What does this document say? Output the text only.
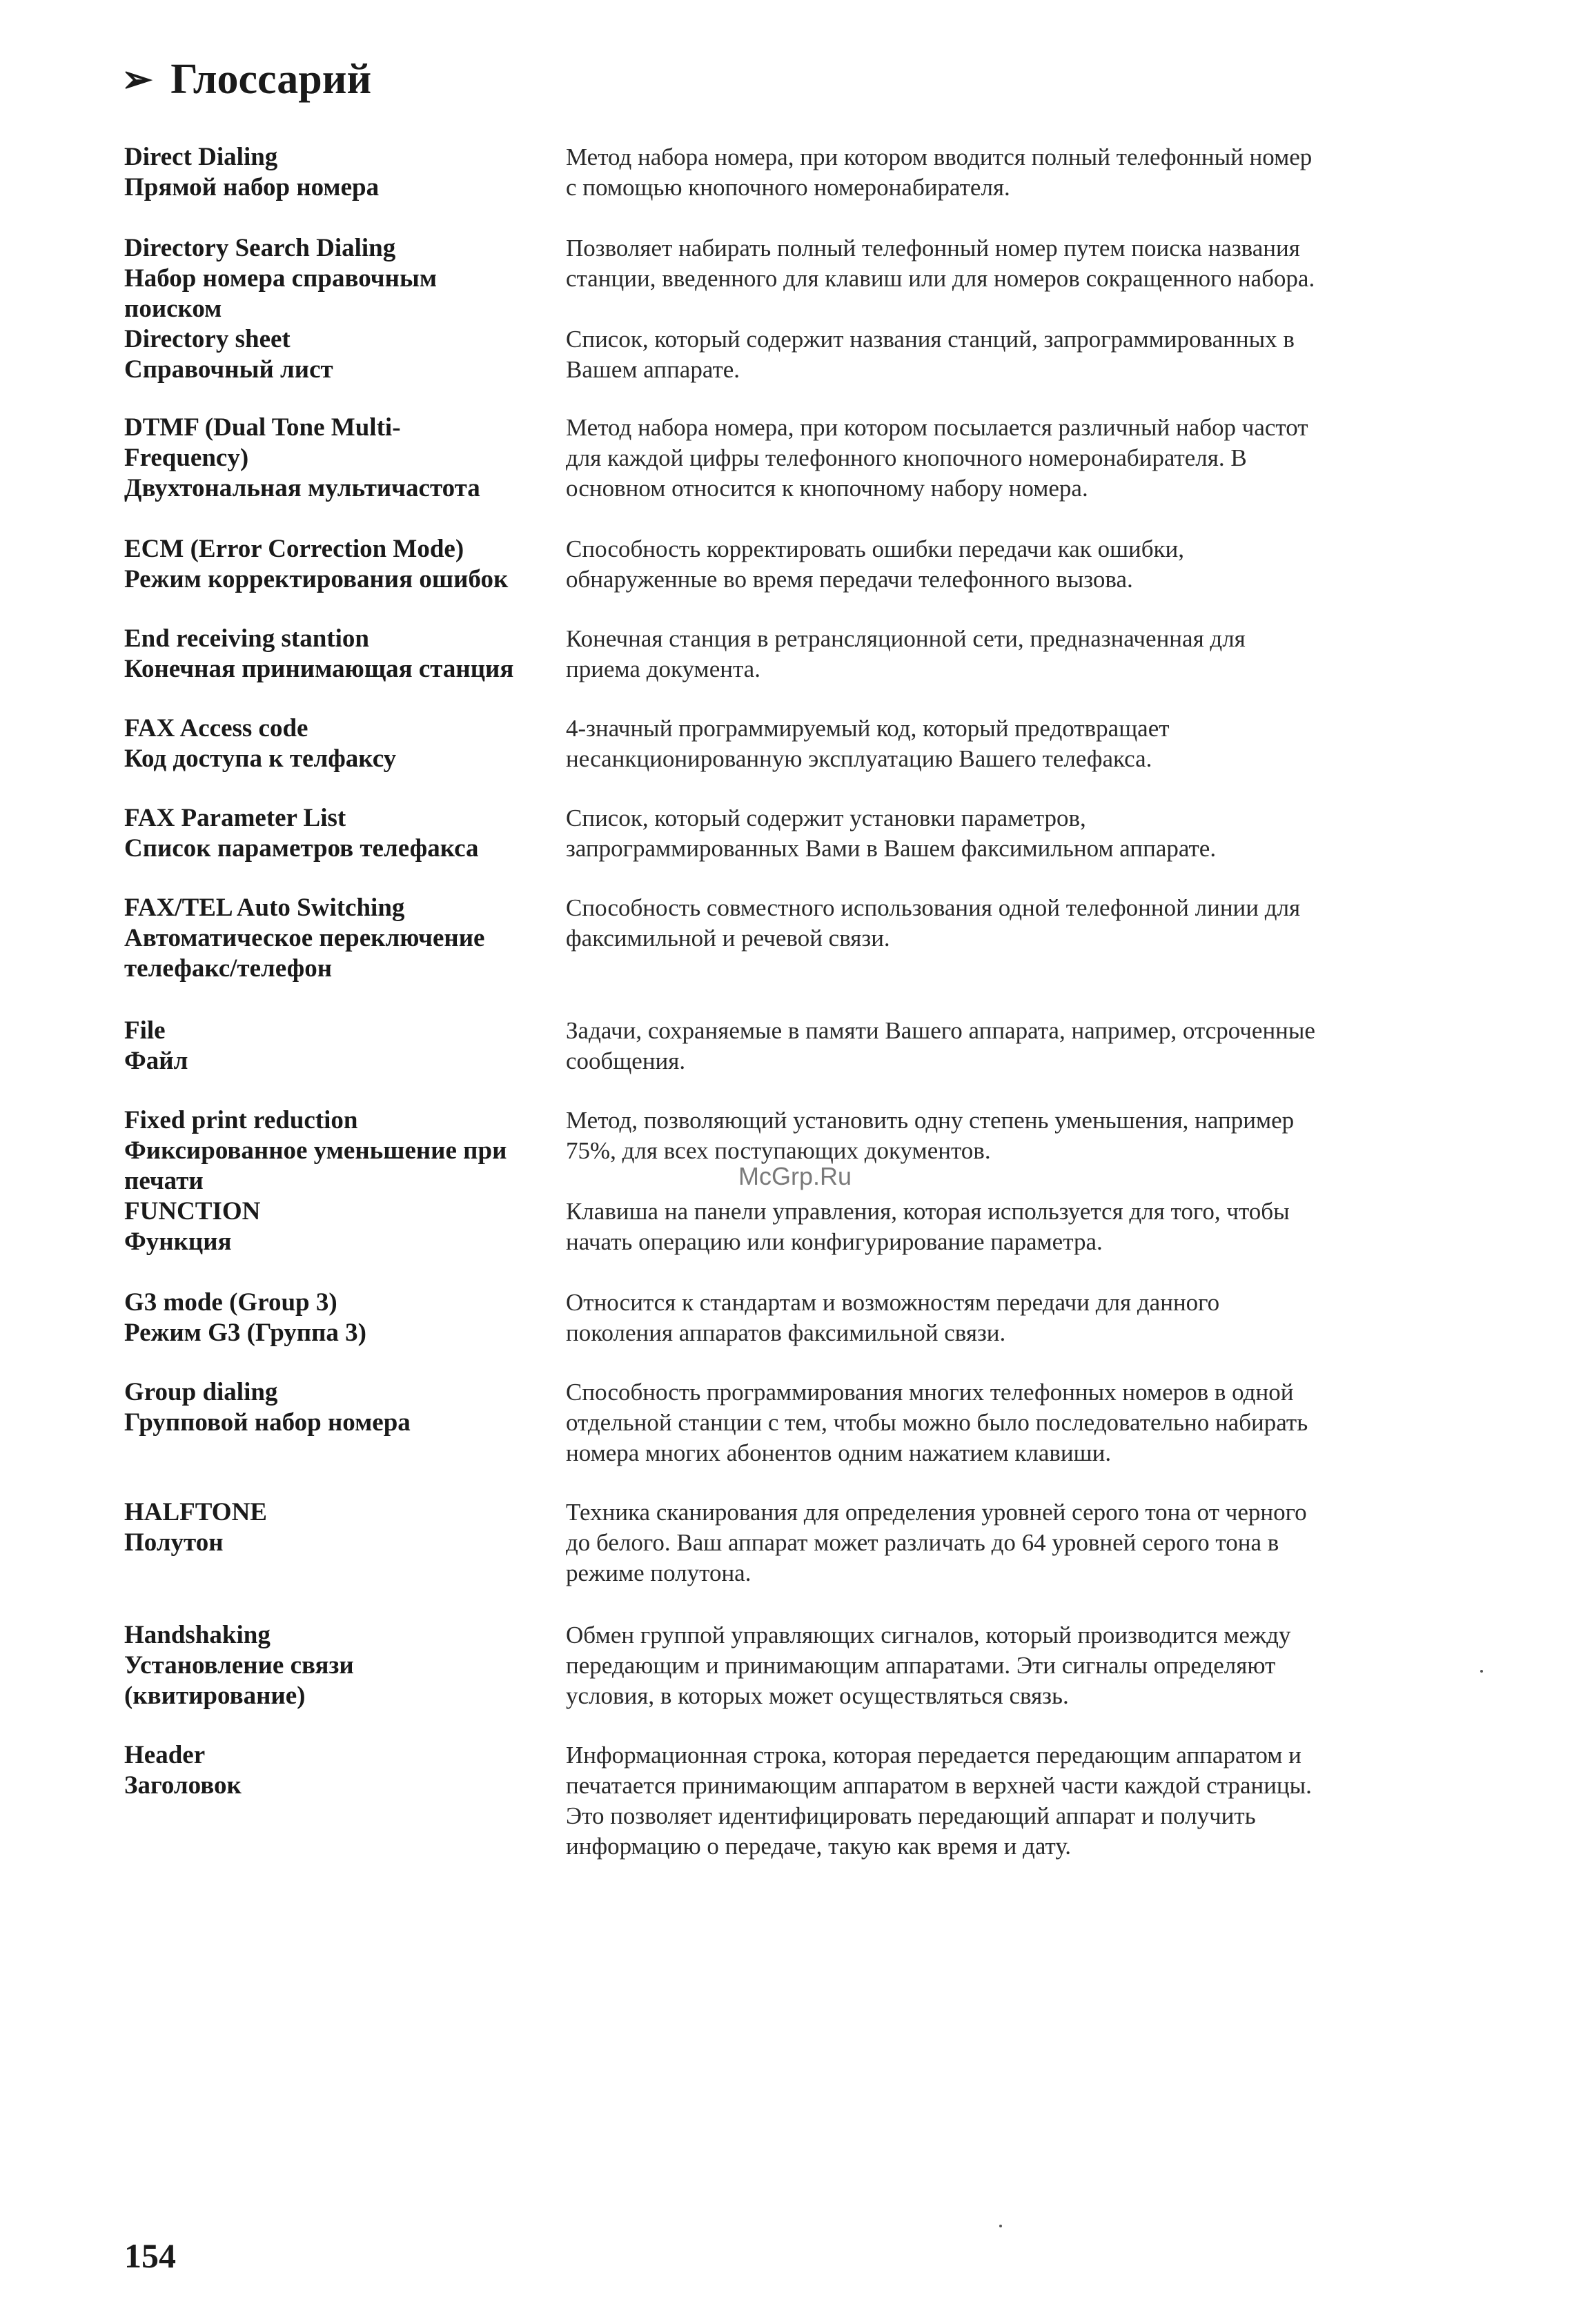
➢ Глоссарий
Direct Dialing
Прямой набор номера
Метод набора номера, при котором вводится полный телефонный номер
с помощью кнопочного номеронабирателя.
Directory Search Dialing
Набор номера справочным
поиском
Позволяет набирать полный телефонный номер путем поиска названия
станции, введенного для клавиш или для номеров сокращенного набора.
Directory sheet
Справочный лист
Список, который содержит названия станций, запрограммированных в
Вашем аппарате.
DTMF (Dual Tone Multi-
Frequency)
Двухтональная мультичастота
Метод набора номера, при котором посылается различный набор частот
для каждой цифры телефонного кнопочного номеронабирателя. В
основном относится к кнопочному набору номера.
ECM (Error Correction Mode)
Режим корректирования ошибок
Способность корректировать ошибки передачи как ошибки,
обнаруженные во время передачи телефонного вызова.
End receiving stantion
Конечная принимающая станция
Конечная станция в ретрансляционной сети, предназначенная для
приема документа.
FAX Access code
Код доступа к телфаксу
4-значный программируемый код, который предотвращает
несанкционированную эксплуатацию Вашего телефакса.
FAX Parameter List
Список параметров телефакса
Список, который содержит установки параметров,
запрограммированных Вами в Вашем факсимильном аппарате.
FAX/TEL Auto Switching
Автоматическое переключение
телефакс/телефон
Способность совместного использования одной телефонной линии для
факсимильной и речевой связи.
File
Файл
Задачи, сохраняемые в памяти Вашего аппарата, например, отсроченные
сообщения.
Fixed print reduction
Фиксированное уменьшение при
печати
Метод, позволяющий установить одну степень уменьшения, например
75%, для всех поступающих документов.
FUNCTION
Функция
Клавиша на панели управления, которая используется для того, чтобы
начать операцию или конфигурирование параметра.
G3 mode (Group 3)
Режим G3 (Группа 3)
Относится к стандартам и возможностям передачи для данного
поколения аппаратов факсимильной связи.
Group dialing
Групповой набор номера
Способность программирования многих телефонных номеров в одной
отдельной станции с тем, чтобы можно было последовательно набирать
номера многих абонентов одним нажатием клавиши.
HALFTONE
Полутон
Техника сканирования для определения уровней серого тона от черного
до белого. Ваш аппарат может различать до 64 уровней серого тона в
режиме полутона.
Handshaking
Установление связи
(квитирование)
Обмен группой управляющих сигналов, который производится между
передающим и принимающим аппаратами. Эти сигналы определяют
условия, в которых может осуществляться связь.
Header
Заголовок
Информационная строка, которая передается передающим аппаратом и
печатается принимающим аппаратом в верхней части каждой страницы.
Это позволяет идентифицировать передающий аппарат и получить
информацию о передаче, такую как время и дату.
McGrp.Ru
154
